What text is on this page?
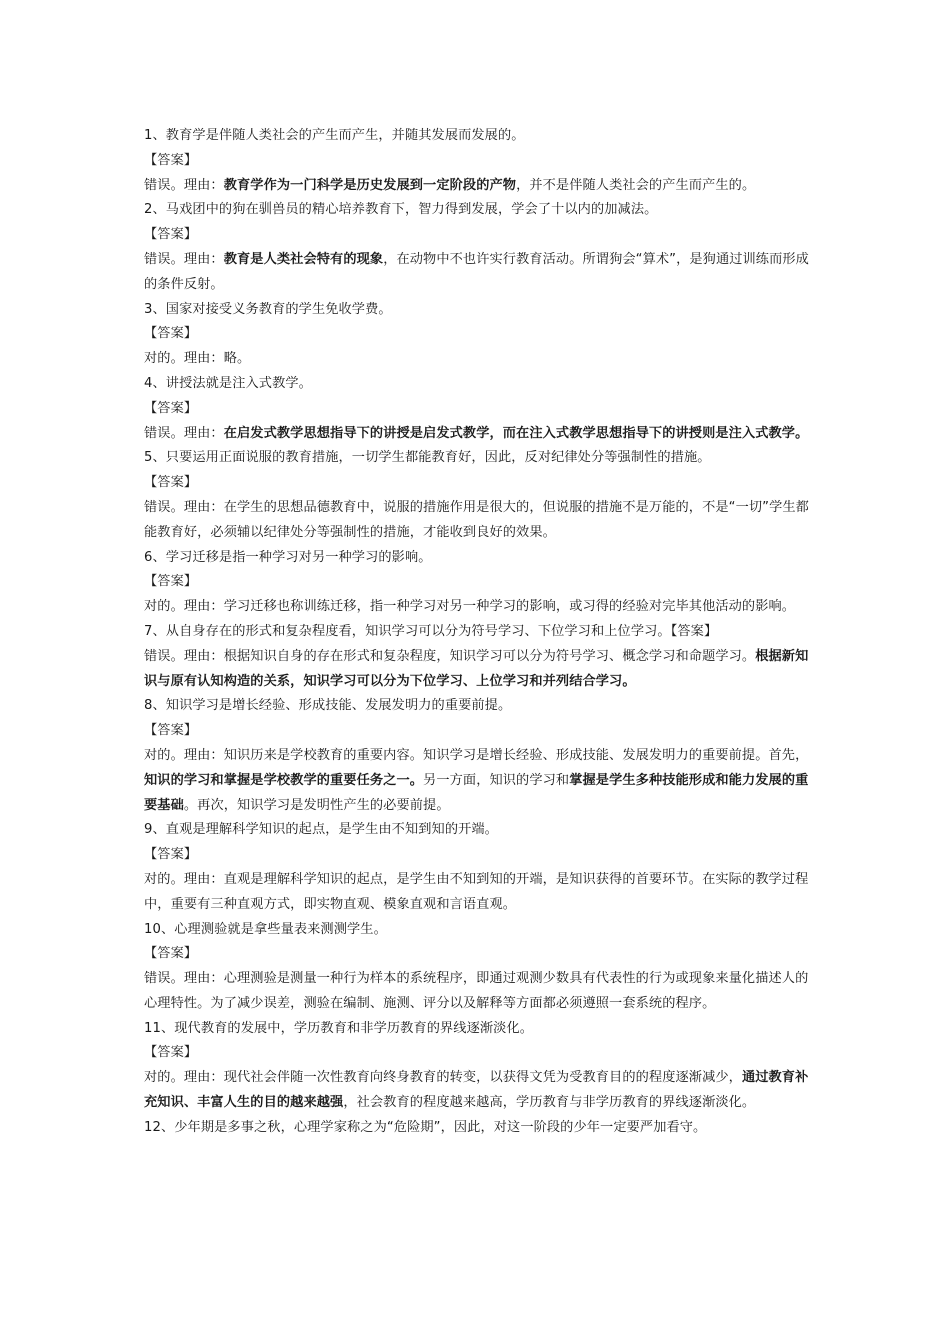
1、教育学是伴随人类社会的产生而产生，并随其发展而发展的。
【答案】
错误。理由：教育学作为一门科学是历史发展到一定阶段的产物，并不是伴随人类社会的产生而产生的。
2、马戏团中的狗在驯兽员的精心培养教育下，智力得到发展，学会了十以内的加减法。
【答案】
错误。理由：教育是人类社会特有的现象，在动物中不也许实行教育活动。所谓狗会“算术”，是狗通过训练而形成的条件反射。
3、国家对接受义务教育的学生免收学费。
【答案】
对的。理由：略。
4、讲授法就是注入式教学。
【答案】
错误。理由：在启发式教学思想指导下的讲授是启发式教学，而在注入式教学思想指导下的讲授则是注入式教学。
5、只要运用正面说服的教育措施，一切学生都能教育好，因此，反对纪律处分等强制性的措施。
【答案】
错误。理由：在学生的思想品德教育中，说服的措施作用是很大的，但说服的措施不是万能的，不是“一切”学生都能教育好，必须辅以纪律处分等强制性的措施，才能收到良好的效果。
6、学习迁移是指一种学习对另一种学习的影响。
【答案】
对的。理由：学习迁移也称训练迁移，指一种学习对另一种学习的影响，或习得的经验对完毕其他活动的影响。
7、从自身存在的形式和复杂程度看，知识学习可以分为符号学习、下位学习和上位学习。【答案】
错误。理由：根据知识自身的存在形式和复杂程度，知识学习可以分为符号学习、概念学习和命题学习。根据新知识与原有认知构造的关系，知识学习可以分为下位学习、上位学习和并列结合学习。
8、知识学习是增长经验、形成技能、发展发明力的重要前提。
【答案】
对的。理由：知识历来是学校教育的重要内容。知识学习是增长经验、形成技能、发展发明力的重要前提。首先，知识的学习和掌握是学校教学的重要任务之一。另一方面，知识的学习和掌握是学生多种技能形成和能力发展的重要基础。再次，知识学习是发明性产生的必要前提。
9、直观是理解科学知识的起点，是学生由不知到知的开端。
【答案】
对的。理由：直观是理解科学知识的起点，是学生由不知到知的开端，是知识获得的首要环节。在实际的教学过程中，重要有三种直观方式，即实物直观、模象直观和言语直观。
10、心理测验就是拿些量表来测测学生。
【答案】
错误。理由：心理测验是测量一种行为样本的系统程序，即通过观测少数具有代表性的行为或现象来量化描述人的心理特性。为了减少误差，测验在编制、施测、评分以及解释等方面都必须遵照一套系统的程序。
11、现代教育的发展中，学历教育和非学历教育的界线逐渐淡化。
【答案】
对的。理由：现代社会伴随一次性教育向终身教育的转变，以获得文凭为受教育目的的程度逐渐减少，通过教育补充知识、丰富人生的目的越来越强，社会教育的程度越来越高，学历教育与非学历教育的界线逐渐淡化。
12、少年期是多事之秋，心理学家称之为“危险期”，因此，对这一阶段的少年一定要严加看守。
